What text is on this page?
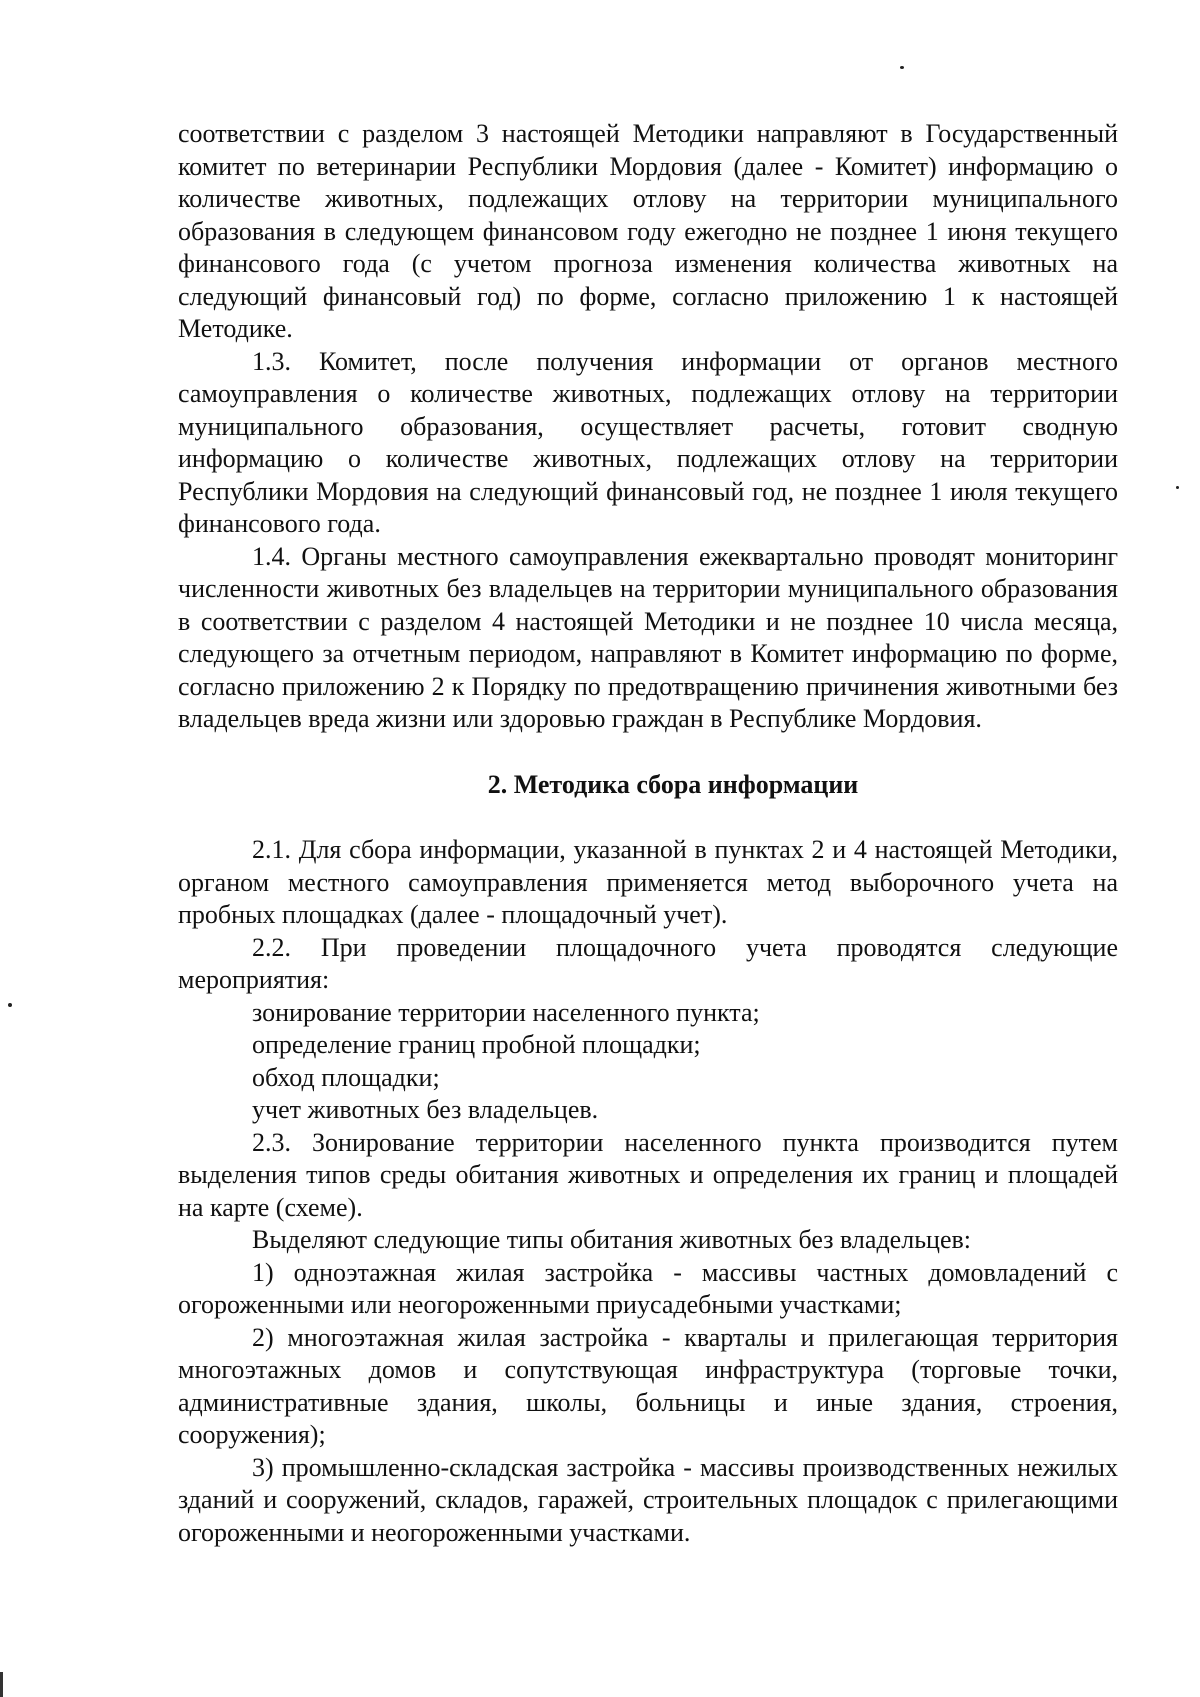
соответствии с разделом 3 настоящей Методики направляют в Государственный комитет по ветеринарии Республики Мордовия (далее - Комитет) информацию о количестве животных, подлежащих отлову на территории муниципального образования в следующем финансовом году ежегодно не позднее 1 июня текущего финансового года (с учетом прогноза изменения количества животных на следующий финансовый год) по форме, согласно приложению 1 к настоящей Методике.

1.3. Комитет, после получения информации от органов местного самоуправления о количестве животных, подлежащих отлову на территории муниципального образования, осуществляет расчеты, готовит сводную информацию о количестве животных, подлежащих отлову на территории Республики Мордовия на следующий финансовый год, не позднее 1 июля текущего финансового года.

1.4. Органы местного самоуправления ежеквартально проводят мониторинг численности животных без владельцев на территории муниципального образования в соответствии с разделом 4 настоящей Методики и не позднее 10 числа месяца, следующего за отчетным периодом, направляют в Комитет информацию по форме, согласно приложению 2 к Порядку по предотвращению причинения животными без владельцев вреда жизни или здоровью граждан в Республике Мордовия.

2. Методика сбора информации

2.1. Для сбора информации, указанной в пунктах 2 и 4 настоящей Методики, органом местного самоуправления применяется метод выборочного учета на пробных площадках (далее - площадочный учет).

2.2. При проведении площадочного учета проводятся следующие мероприятия:

зонирование территории населенного пункта;

определение границ пробной площадки;

обход площадки;

учет животных без владельцев.

2.3. Зонирование территории населенного пункта производится путем выделения типов среды обитания животных и определения их границ и площадей на карте (схеме).

Выделяют следующие типы обитания животных без владельцев:

1) одноэтажная жилая застройка - массивы частных домовладений с огороженными или неогороженными приусадебными участками;

2) многоэтажная жилая застройка - кварталы и прилегающая территория многоэтажных домов и сопутствующая инфраструктура (торговые точки, административные здания, школы, больницы и иные здания, строения, сооружения);

3) промышленно-складская застройка - массивы производственных нежилых зданий и сооружений, складов, гаражей, строительных площадок с прилегающими огороженными и неогороженными участками.
